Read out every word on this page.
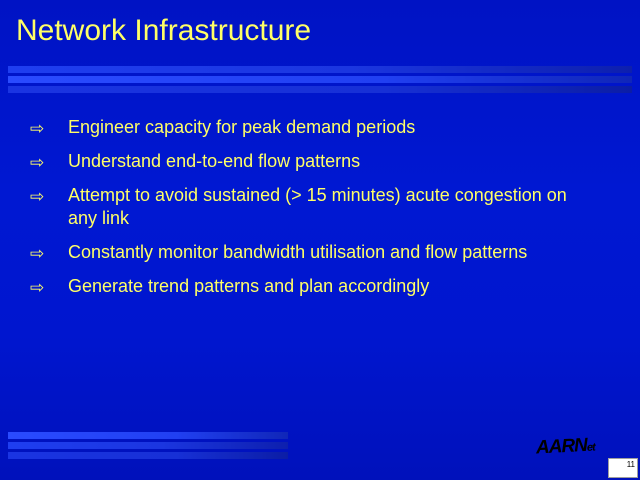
Network Infrastructure
⇨	Engineer capacity for peak demand periods
⇨	Understand end-to-end flow patterns
⇨	Attempt to avoid sustained (> 15 minutes) acute congestion on any link
⇨	Constantly monitor bandwidth utilisation and flow patterns
⇨	Generate trend patterns and plan accordingly
AARNet
11
